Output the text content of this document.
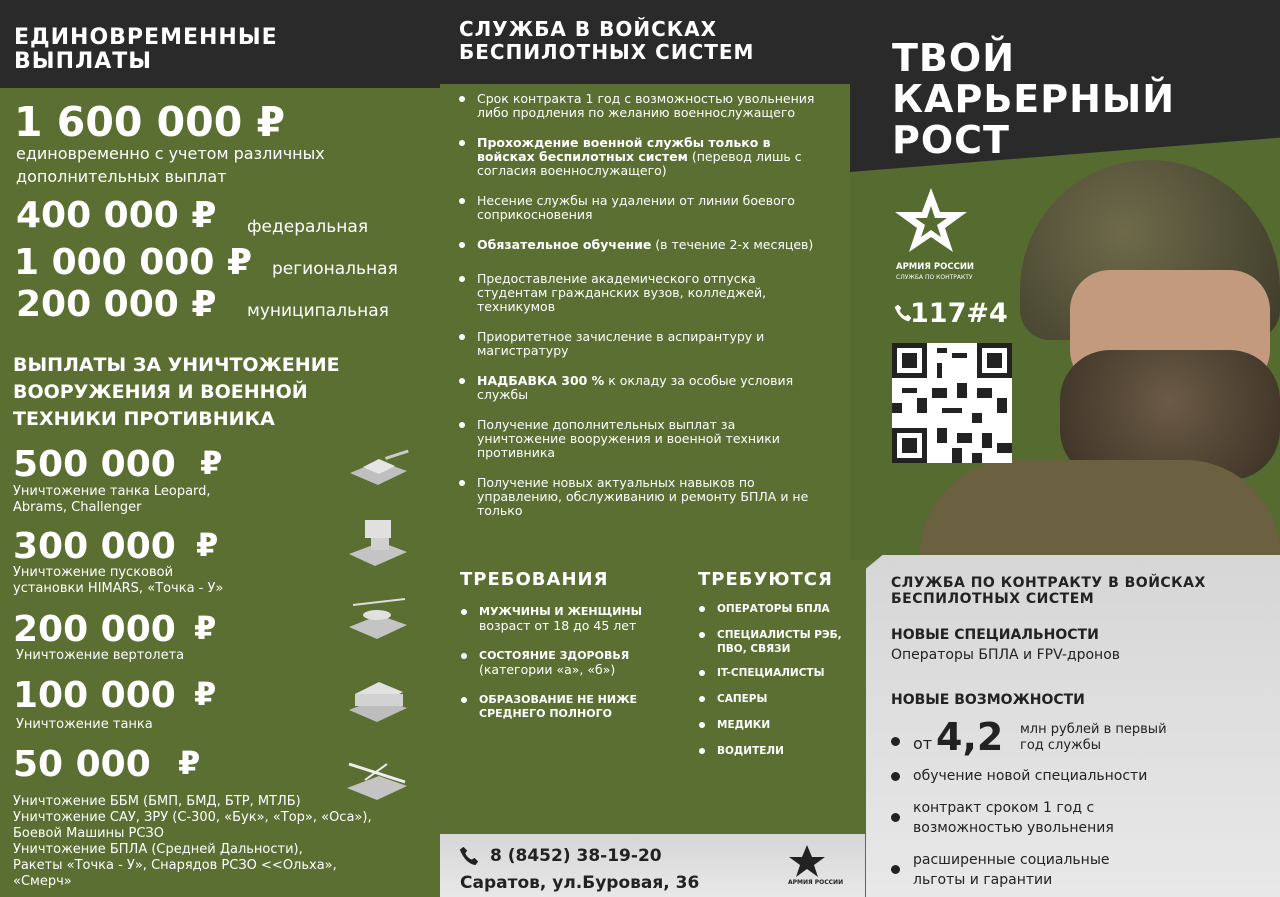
ЕДИНОВРЕМЕННЫЕ ВЫПЛАТЫ
1 600 000 ₽
единовременно с учетом различных дополнительных выплат
400 000 ₽ федеральная
1 000 000 ₽ региональная
200 000 ₽ муниципальная
ВЫПЛАТЫ ЗА УНИЧТОЖЕНИЕ ВООРУЖЕНИЯ И ВОЕННОЙ ТЕХНИКИ ПРОТИВНИКА
500 000 ₽
Уничтожение танка Leopard, Abrams, Challenger
300 000 ₽
Уничтожение пусковой установки HIMARS, «Точка - У»
200 000 ₽
Уничтожение вертолета
100 000 ₽
Уничтожение танка
50 000 ₽
Уничтожение ББМ (БМП, БМД, БТР, МТЛБ)
Уничтожение САУ, ЗРУ (С-300, «Бук», «Тор», «Оса»),
Боевой Машины РСЗО
Уничтожение БПЛА (Средней Дальности),
Ракеты «Точка - У», Снарядов РСЗО <<Ольха», «Смерч»
СЛУЖБА В ВОЙСКАХ БЕСПИЛОТНЫХ СИСТЕМ
Срок контракта 1 год с возможностью увольнения либо продления по желанию военнослужащего
Прохождение военной службы только в войсках беспилотных систем (перевод лишь с согласия военнослужащего)
Несение службы на удалении от линии боевого соприкосновения
Обязательное обучение (в течение 2-х месяцев)
Предоставление академического отпуска студентам гражданских вузов, колледжей, техникумов
Приоритетное зачисление в аспирантуру и магистратуру
НАДБАВКА 300 % к окладу за особые условия службы
Получение дополнительных выплат за уничтожение вооружения и военной техники противника
Получение новых актуальных навыков по управлению, обслуживанию и ремонту БПЛА и не только
ТРЕБОВАНИЯ
МУЖЧИНЫ И ЖЕНЩИНЫ
возраст от 18 до 45 лет
СОСТОЯНИЕ ЗДОРОВЬЯ
(категории «а», «б»)
ОБРАЗОВАНИЕ НЕ НИЖЕ СРЕДНЕГО ПОЛНОГО
ТРЕБУЮТСЯ
ОПЕРАТОРЫ БПЛА
СПЕЦИАЛИСТЫ РЭБ, ПВО, СВЯЗИ
IT-СПЕЦИАЛИСТЫ
САПЕРЫ
МЕДИКИ
ВОДИТЕЛИ
8 (8452) 38-19-20
Саратов, ул.Буровая, 36	АРМИЯ РОССИИ
ТВОЙ КАРЬЕРНЫЙ РОСТ
АРМИЯ РОССИИ
СЛУЖБА ПО КОНТРАКТУ
117#4
СЛУЖБА ПО КОНТРАКТУ В ВОЙСКАХ БЕСПИЛОТНЫХ СИСТЕМ
НОВЫЕ СПЕЦИАЛЬНОСТИ
Операторы БПЛА и FPV-дронов
НОВЫЕ ВОЗМОЖНОСТИ
от 4,2 млн рублей в первый год службы
обучение новой специальности
контракт сроком 1 год с возможностью увольнения
расширенные социальные льготы и гарантии
